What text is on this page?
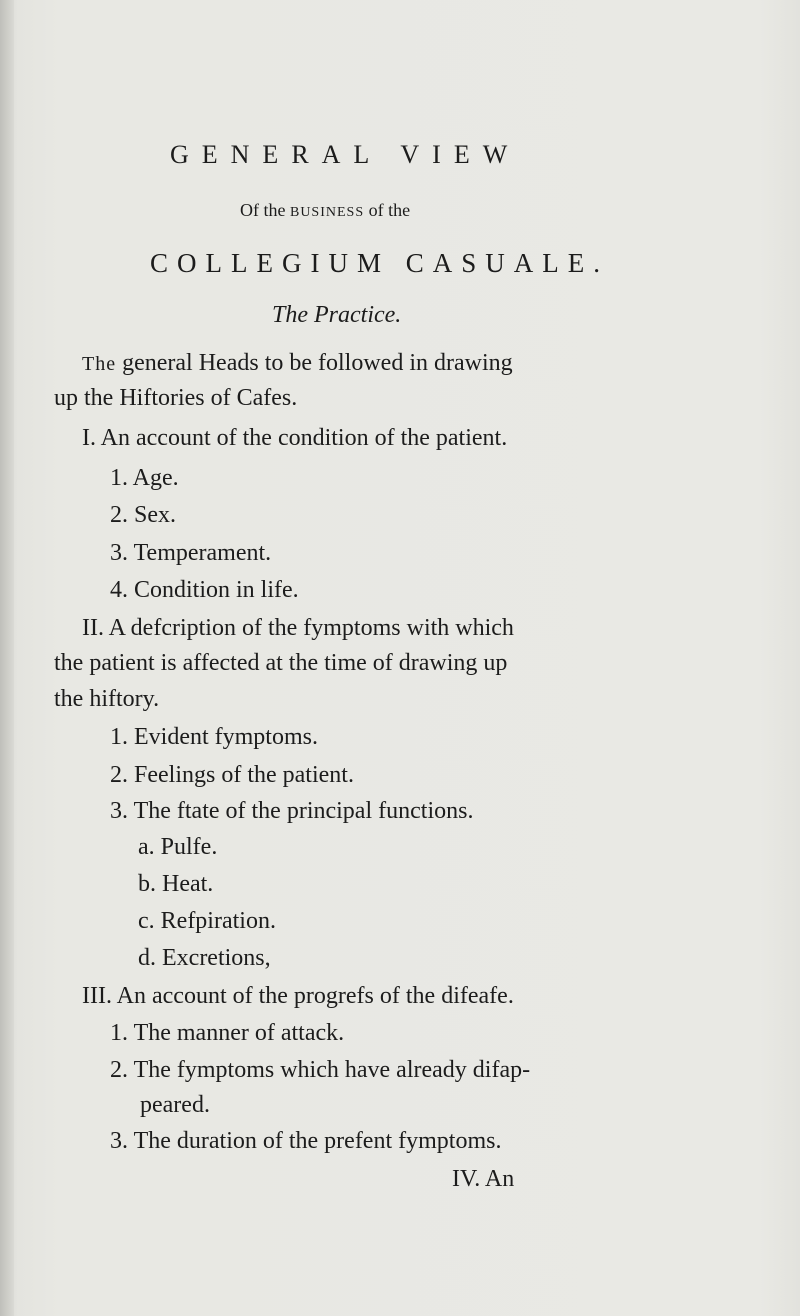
GENERAL VIEW
Of the BUSINESS of the
COLLEGIUM CASUALE.
The Practice.
The general Heads to be followed in drawing
up the Hiftories of Cafes.
I. An account of the condition of the patient.
1. Age.
2. Sex.
3. Temperament.
4. Condition in life.
II. A defcription of the fymptoms with which
the patient is affected at the time of drawing up
the hiftory.
1. Evident fymptoms.
2. Feelings of the patient.
3. The ftate of the principal functions.
a. Pulfe.
b. Heat.
c. Refpiration.
d. Excretions,
III. An account of the progrefs of the difeafe.
1. The manner of attack.
2. The fymptoms which have already difap-
peared.
3. The duration of the prefent fymptoms.
IV. An
